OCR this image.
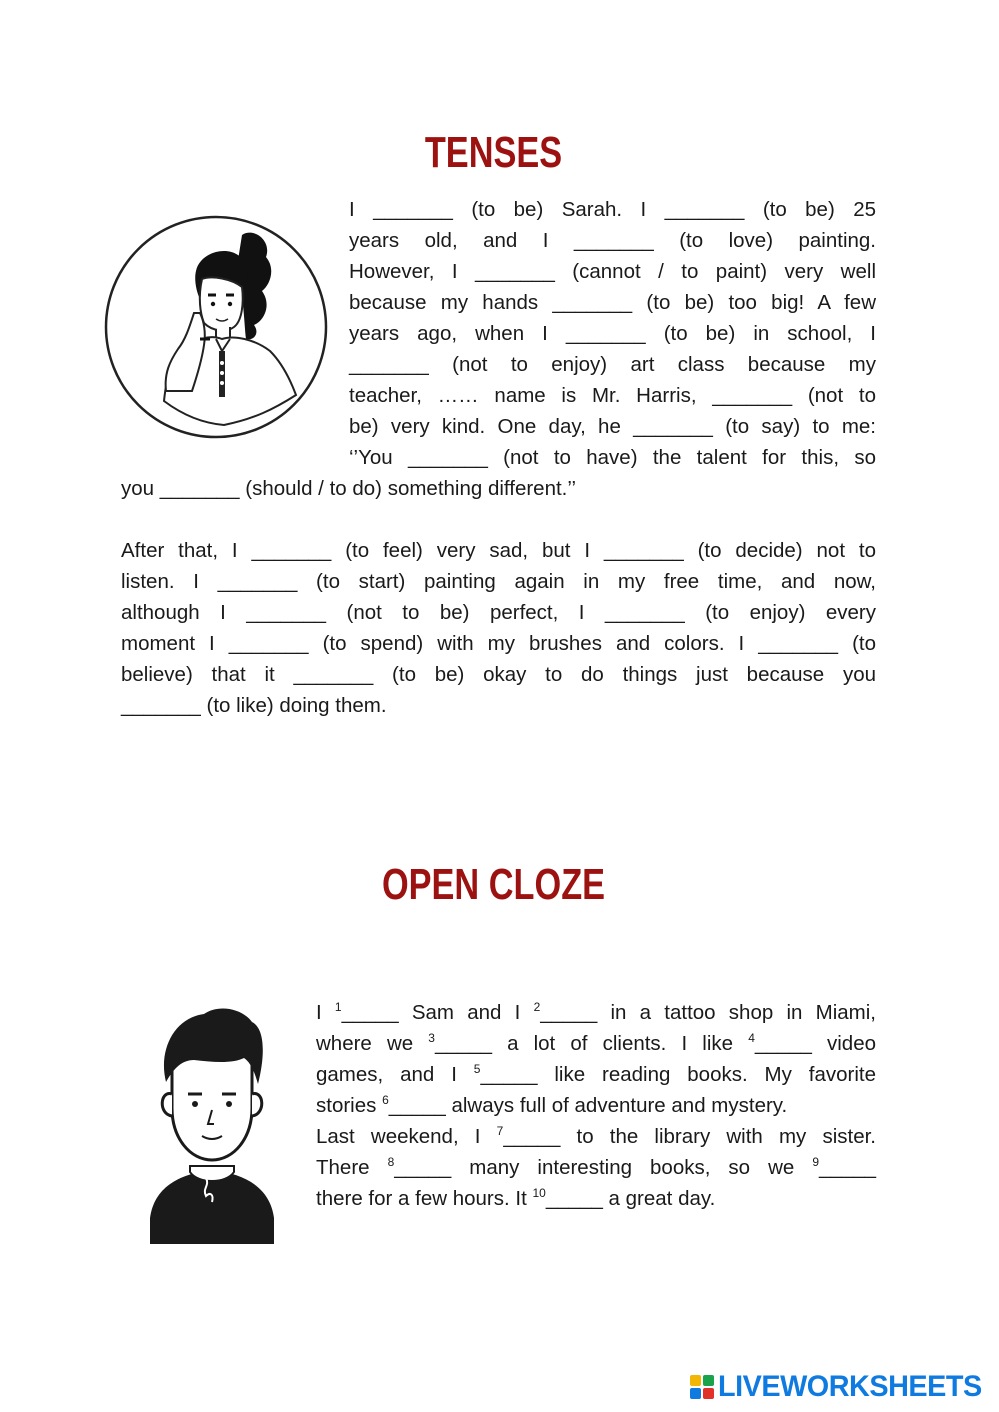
TENSES
I _______ (to be) Sarah. I _______ (to be) 25
years old, and I _______ (to love) painting.
However, I _______ (cannot / to paint) very well
because my hands _______ (to be) too big! A few
years ago, when I _______ (to be) in school, I
_______ (not to enjoy) art class because my
teacher, …… name is Mr. Harris, _______ (not to
be) very kind. One day, he _______ (to say) to me:
‘’You _______ (not to have) the talent for this, so
you _______ (should / to do) something different.’’
After that, I _______ (to feel) very sad, but I _______ (to decide) not to
listen. I _______ (to start) painting again in my free time, and now,
although I _______ (not to be) perfect, I _______ (to enjoy) every
moment I _______ (to spend) with my brushes and colors. I _______ (to
believe) that it _______ (to be) okay to do things just because you
_______ (to like) doing them.
OPEN CLOZE
I $^1$_____ Sam and I $^2$_____ in a tattoo shop in Miami,
where we $^3$_____ a lot of clients. I like $^4$_____ video
games, and I $^5$_____ like reading books. My favorite
stories $^6$_____ always full of adventure and mystery.
Last weekend, I $^7$_____ to the library with my sister.
There $^8$_____ many interesting books, so we $^9$_____
there for a few hours. It $^{10}$_____ a great day.
LIVEWORKSHEETS
